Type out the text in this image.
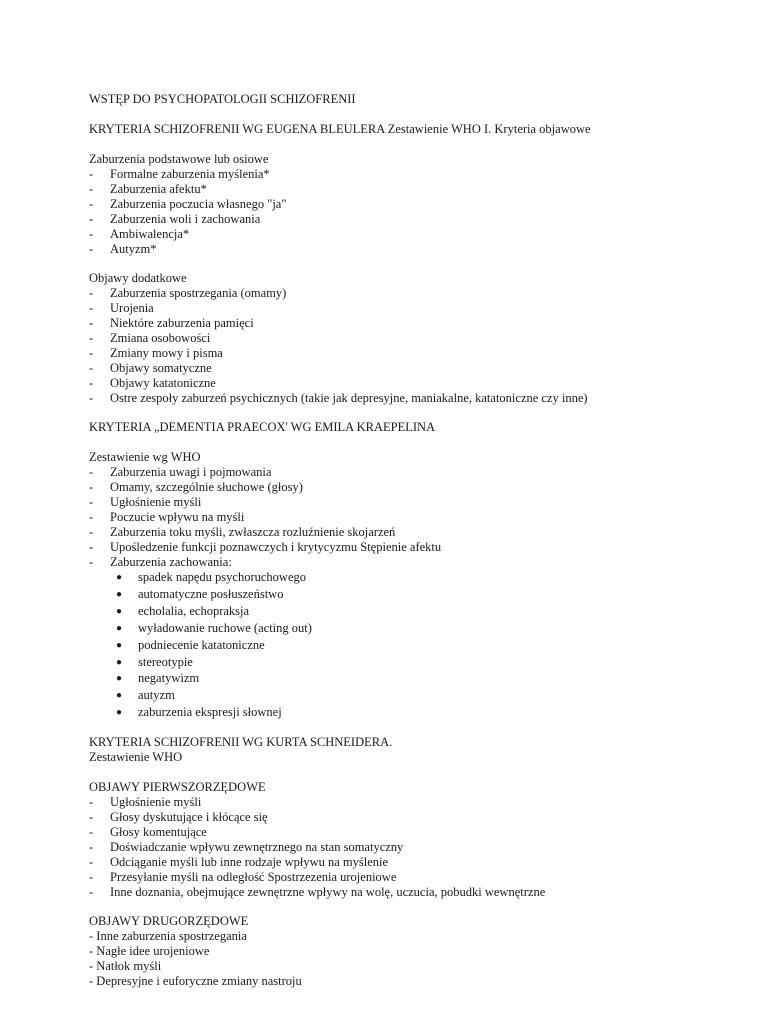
WSTĘP DO PSYCHOPATOLOGII SCHIZOFRENII
KRYTERIA SCHIZOFRENII WG EUGENA BLEULERA Zestawienie WHO I. Kryteria objawowe
Zaburzenia podstawowe lub osiowe
- Formalne zaburzenia myślenia*
- Zaburzenia afektu*
- Zaburzenia poczucia własnego "ja"
- Zaburzenia woli i zachowania
- Ambiwalencja*
- Autyzm*
Objawy dodatkowe
- Zaburzenia spostrzegania (omamy)
- Urojenia
- Niektóre zaburzenia pamięci
- Zmiana osobowości
- Zmiany mowy i pisma
- Objawy somatyczne
- Objawy katatoniczne
- Ostre zespoły zaburzeń psychicznych (takie jak depresyjne, maniakalne, katatoniczne czy inne)
KRYTERIA „DEMENTIA PRAECOX' WG EMILA KRAEPELINA
Zestawienie wg WHO
- Zaburzenia uwagi i pojmowania
- Omamy, szczególnie słuchowe (głosy)
- Ugłośnienie myśli
- Poczucie wpływu na myśli
- Zaburzenia toku myśli, zwłaszcza rozluźnienie skojarzeń
- Upośledzenie funkcji poznawczych i krytycyzmu Stępienie afektu
- Zaburzenia zachowania:
● spadek napędu psychoruchowego
● automatyczne posłuszeństwo
● echolalia, echopraksja
● wyładowanie ruchowe (acting out)
● podniecenie katatoniczne
● stereotypie
● negatywizm
● autyzm
● zaburzenia ekspresji słownej
KRYTERIA SCHIZOFRENII WG KURTA SCHNEIDERA.
Zestawienie WHO
OBJAWY PIERWSZORZĘDOWE
- Ugłośnienie myśli
- Głosy dyskutujące i kłócące się
- Głosy komentujące
- Doświadczanie wpływu zewnętrznego na stan somatyczny
- Odciąganie myśli lub inne rodzaje wpływu na myślenie
- Przesyłanie myśli na odległość Spostrzezenia urojeniowe
- Inne doznania, obejmujące zewnętrzne wpływy na wolę, uczucia, pobudki wewnętrzne
OBJAWY DRUGORZĘDOWE
- Inne zaburzenia spostrzegania
- Nagłe idee urojeniowe
- Natłok myśli
- Depresyjne i euforyczne zmiany nastroju
